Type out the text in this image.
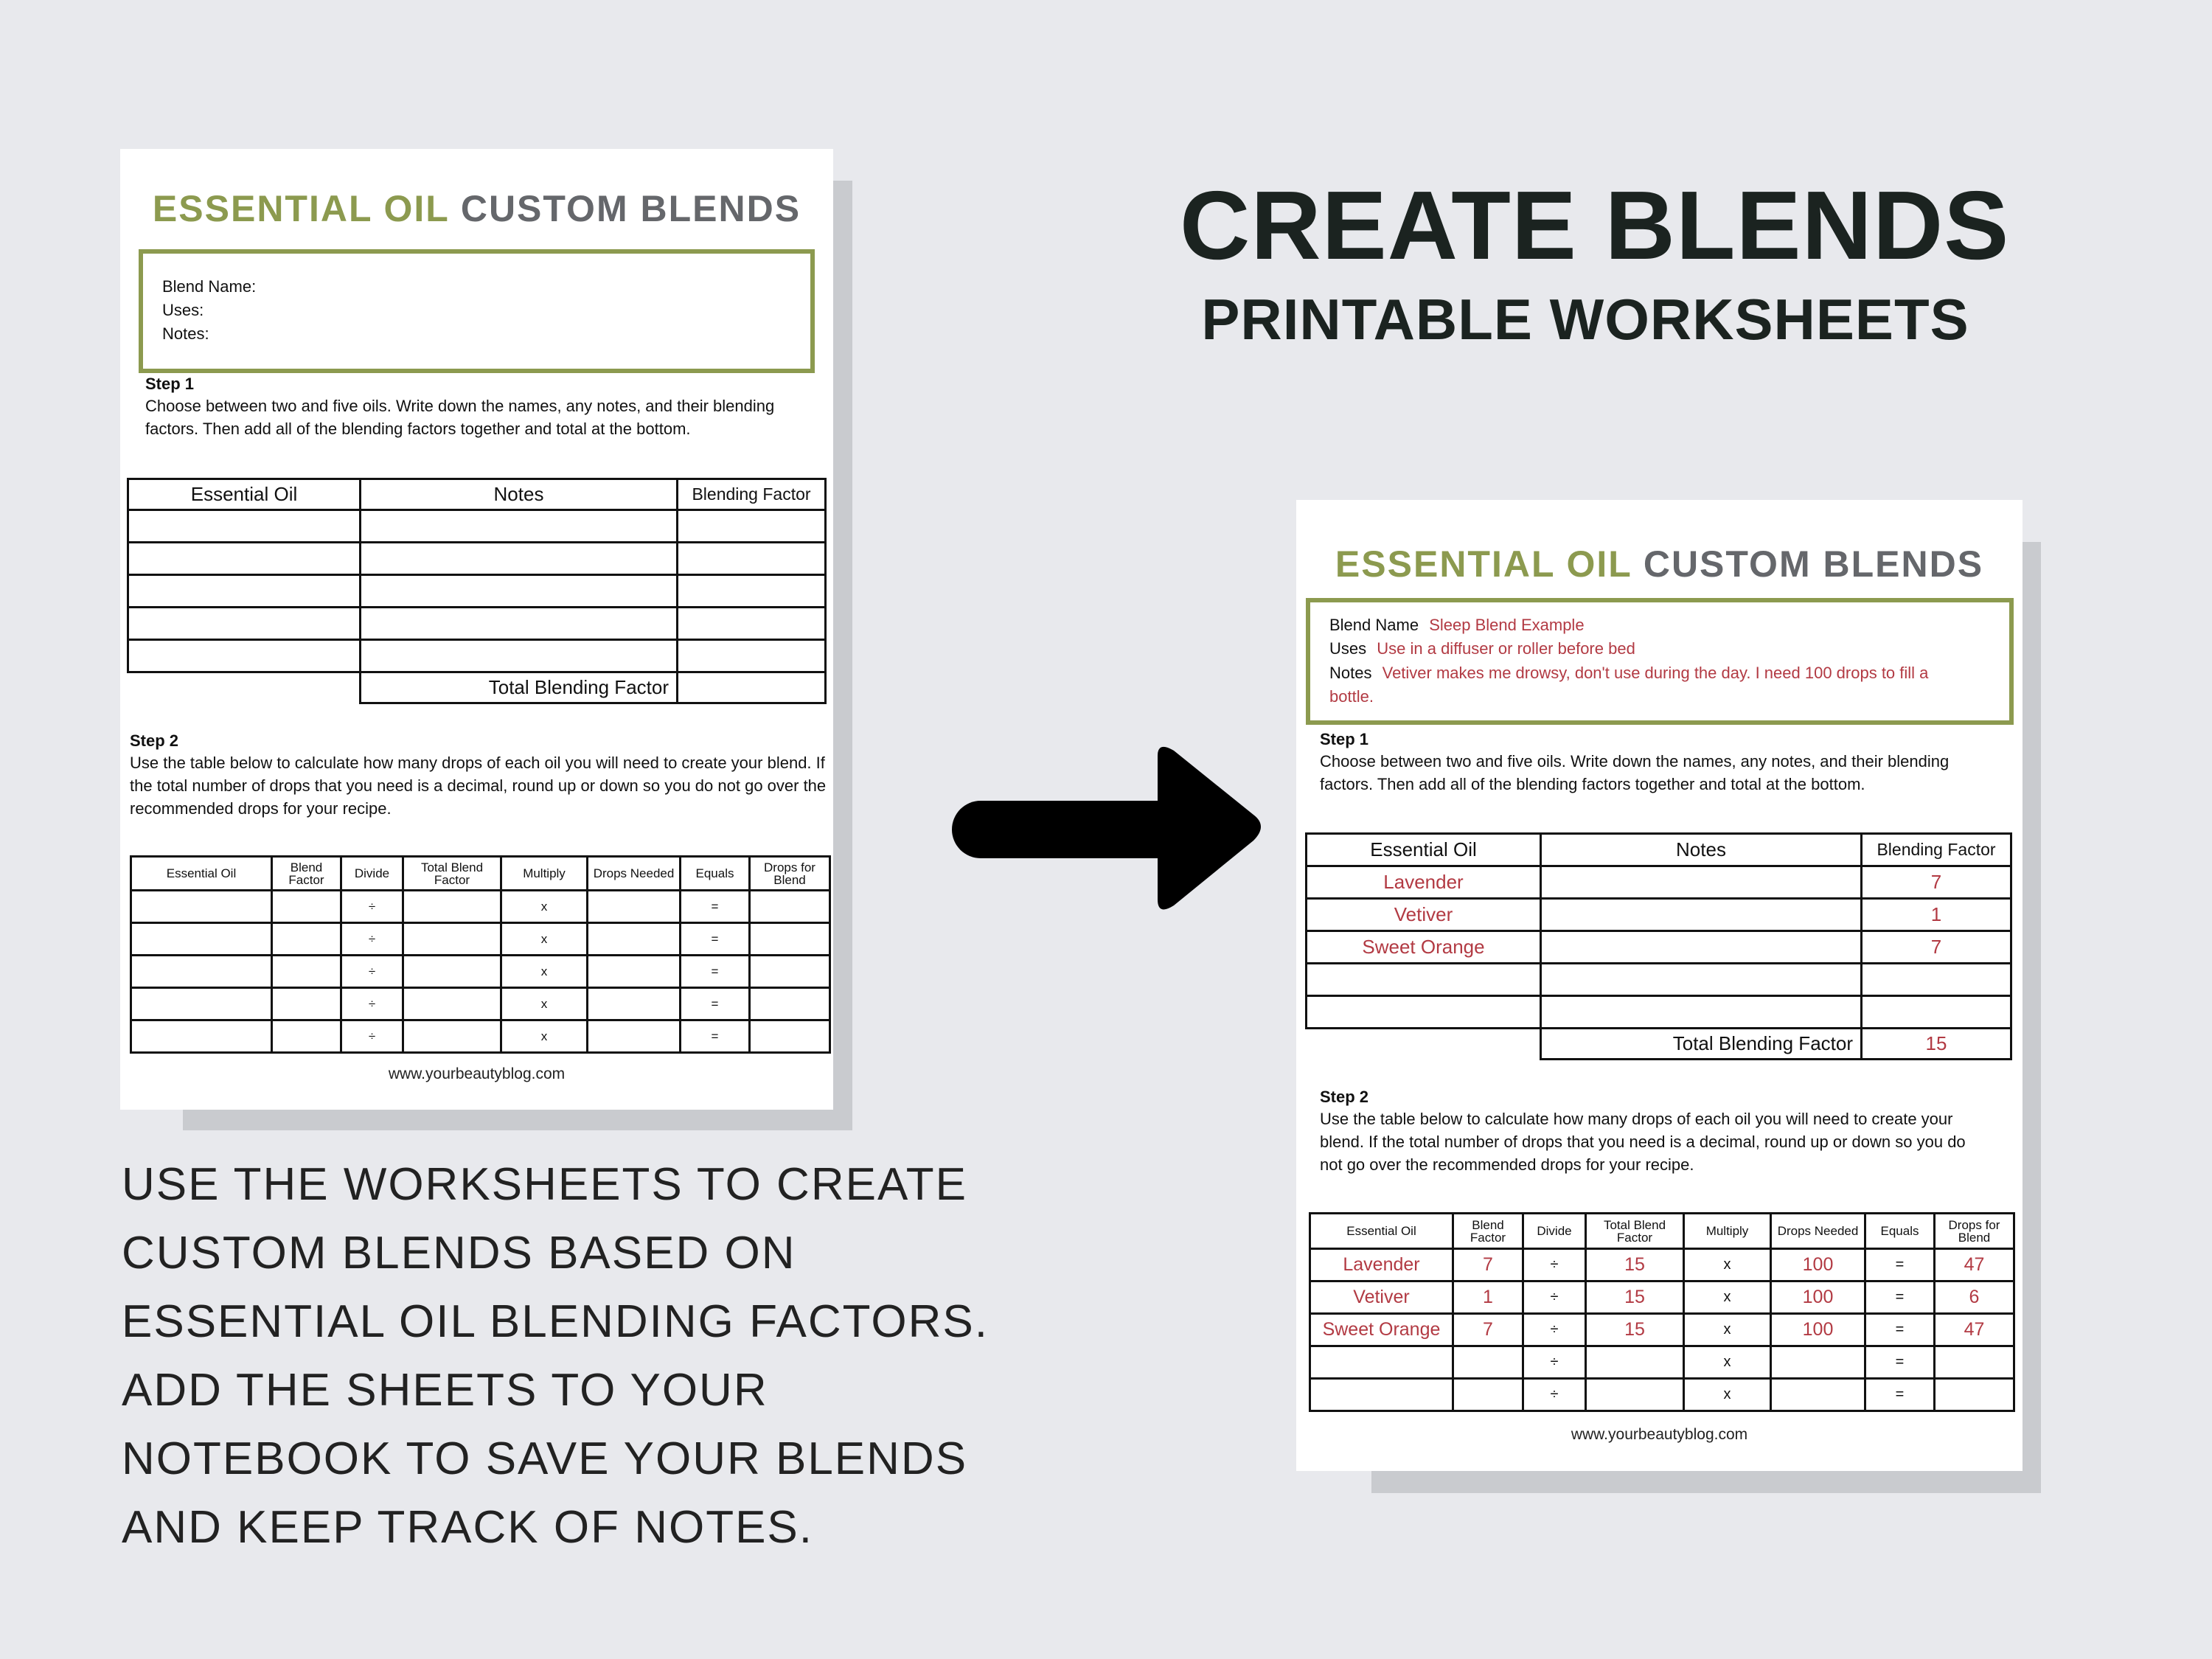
ESSENTIAL OIL CUSTOM BLENDS
Blend Name:
Uses:
Notes:
Step 1
Choose between two and five oils. Write down the names, any notes, and their blending factors. Then add all of the blending factors together and total at the bottom.
Essential Oil	Notes	Blending Factor

	Total Blending Factor	
Step 2
Use the table below to calculate how many drops of each oil you will need to create your blend. If the total number of drops that you need is a decimal, round up or down so you do not go over the recommended drops for your recipe.
Essential Oil	Blend Factor	Divide	Total Blend Factor	Multiply	Drops Needed	Equals	Drops for Blend
		÷		x		=	
		÷		x		=	
		÷		x		=	
		÷		x		=	
		÷		x		=	
www.yourbeautyblog.com
CREATE BLENDS
PRINTABLE WORKSHEETS
USE THE WORKSHEETS TO CREATE
CUSTOM BLENDS BASED ON
ESSENTIAL OIL BLENDING FACTORS.
ADD THE SHEETS TO YOUR
NOTEBOOK TO SAVE YOUR BLENDS
AND KEEP TRACK OF NOTES.
ESSENTIAL OIL CUSTOM BLENDS
Blend Name Sleep Blend Example
Uses Use in a diffuser or roller before bed
Notes Vetiver makes me drowsy, don't use during the day. I need 100 drops to fill a
bottle.
Step 1
Choose between two and five oils. Write down the names, any notes, and their blending factors. Then add all of the blending factors together and total at the bottom.
Essential Oil	Notes	Blending Factor
Lavender		7
Vetiver		1
Sweet Orange		7

	Total Blending Factor	15
Step 2
Use the table below to calculate how many drops of each oil you will need to create your blend. If the total number of drops that you need is a decimal, round up or down so you do not go over the recommended drops for your recipe.
Essential Oil	Blend Factor	Divide	Total Blend Factor	Multiply	Drops Needed	Equals	Drops for Blend
Lavender	7	÷	15	x	100	=	47
Vetiver	1	÷	15	x	100	=	6
Sweet Orange	7	÷	15	x	100	=	47
		÷		x		=	
		÷		x		=	
www.yourbeautyblog.com
